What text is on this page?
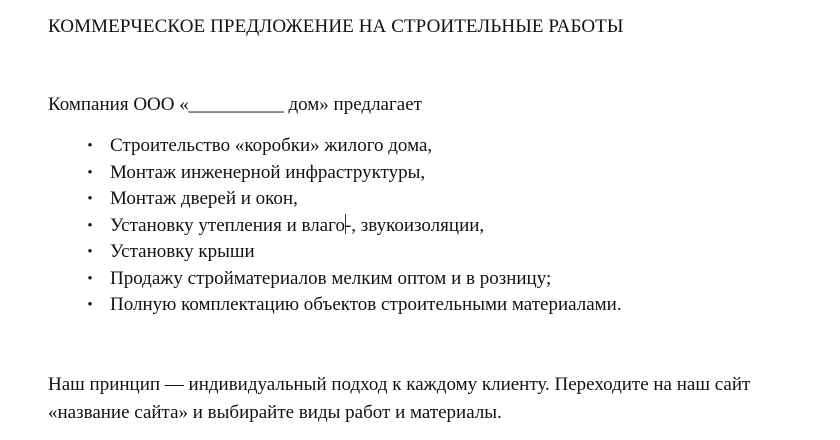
КОММЕРЧЕСКОЕ ПРЕДЛОЖЕНИЕ НА СТРОИТЕЛЬНЫЕ РАБОТЫ
Компания ООО «__________ дом» предлагает
• Строительство «коробки» жилого дома,
• Монтаж инженерной инфраструктуры,
• Монтаж дверей и окон,
• Установку утепления и влаго-, звукоизоляции,
• Установку крыши
• Продажу стройматериалов мелким оптом и в розницу;
• Полную комплектацию объектов строительными материалами.
Наш принцип — индивидуальный подход к каждому клиенту. Переходите на наш сайт
«название сайта» и выбирайте виды работ и материалы.
